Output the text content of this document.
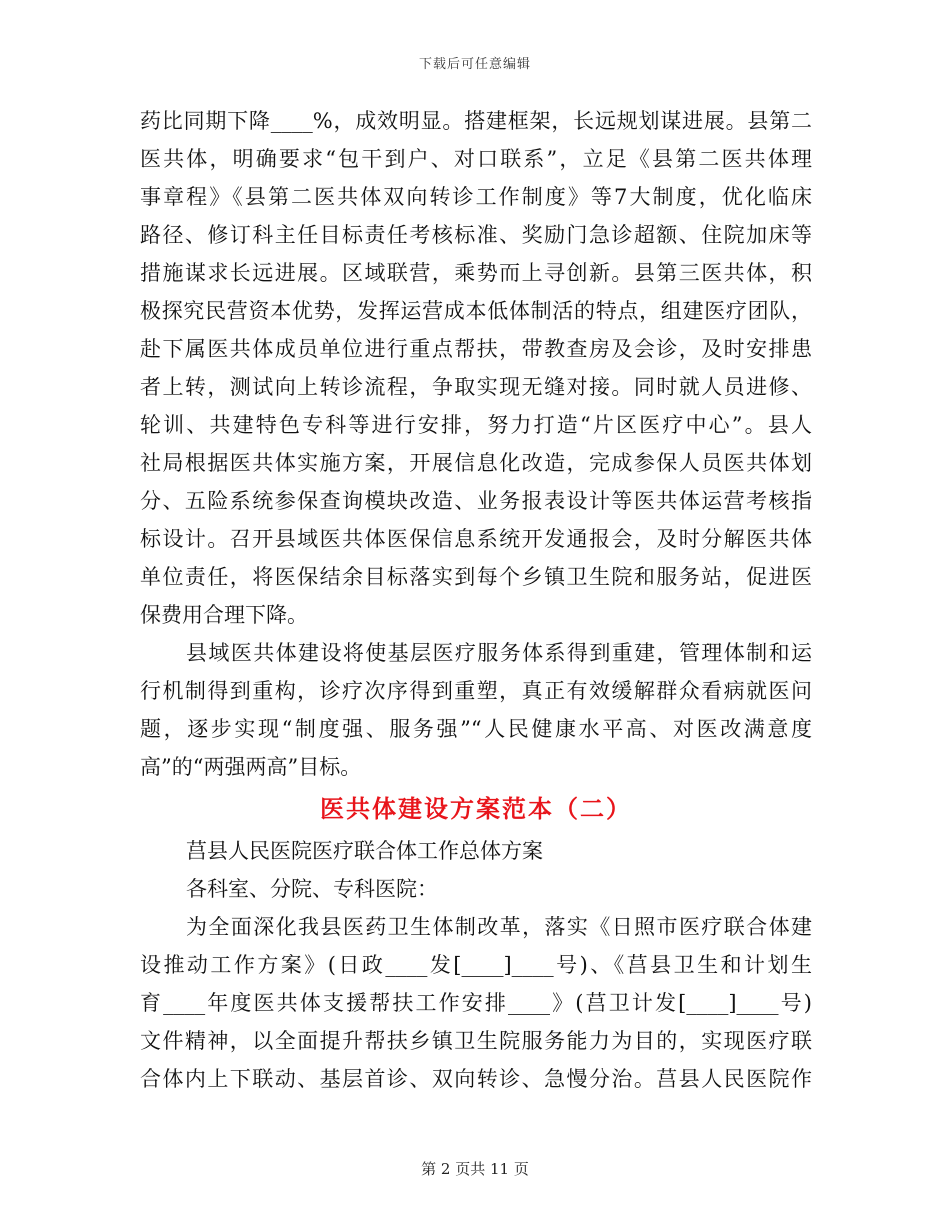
下载后可任意编辑
药比同期下降____%，成效明显。搭建框架，长远规划谋进展。县第二
医共体，明确要求“包干到户、对口联系”，立足《县第二医共体理
事章程》《县第二医共体双向转诊工作制度》等7大制度，优化临床
路径、修订科主任目标责任考核标准、奖励门急诊超额、住院加床等
措施谋求长远进展。区域联营，乘势而上寻创新。县第三医共体，积
极探究民营资本优势，发挥运营成本低体制活的特点，组建医疗团队，
赴下属医共体成员单位进行重点帮扶，带教查房及会诊，及时安排患
者上转，测试向上转诊流程，争取实现无缝对接。同时就人员进修、
轮训、共建特色专科等进行安排，努力打造“片区医疗中心”。县人
社局根据医共体实施方案，开展信息化改造，完成参保人员医共体划
分、五险系统参保查询模块改造、业务报表设计等医共体运营考核指
标设计。召开县域医共体医保信息系统开发通报会，及时分解医共体
单位责任，将医保结余目标落实到每个乡镇卫生院和服务站，促进医
保费用合理下降。
县域医共体建设将使基层医疗服务体系得到重建，管理体制和运
行机制得到重构，诊疗次序得到重塑，真正有效缓解群众看病就医问
题，逐步实现“制度强、服务强”“人民健康水平高、对医改满意度
高”的“两强两高”目标。
医共体建设方案范本（二）
莒县人民医院医疗联合体工作总体方案
各科室、分院、专科医院：
为全面深化我县医药卫生体制改革，落实《日照市医疗联合体建
设推动工作方案》(日政____发[____]____号)、《莒县卫生和计划生
育____年度医共体支援帮扶工作安排____》(莒卫计发[____]____号)
文件精神，以全面提升帮扶乡镇卫生院服务能力为目的，实现医疗联
合体内上下联动、基层首诊、双向转诊、急慢分治。莒县人民医院作
第 2 页共 11 页
